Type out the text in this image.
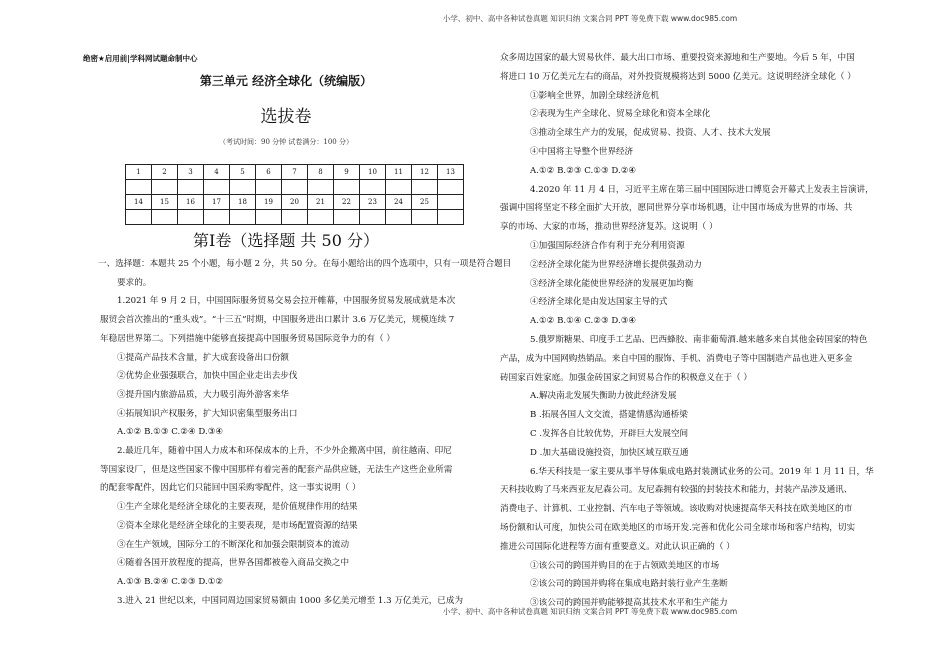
小学、初中、高中各种试卷真题 知识归纳 文案合同 PPT 等免费下载 www.doc985.com
绝密★启用前|学科网试题命制中心
第三单元 经济全球化（统编版）
选拔卷
（考试时间：90 分钟 试卷满分：100 分）
1	2	3	4	5	6	7	8	9	10	11	12	13

14	15	16	17	18	19	20	21	22	23	24	25	

第Ⅰ卷（选择题 共 50 分）

一、选择题：本题共 25 个小题，每小题 2 分，共 50 分。在每小题给出的四个选项中，只有一项是符合题目

要求的。

1.2021 年 9 月 2 日，中国国际服务贸易交易会拉开帷幕，中国服务贸易发展成就是本次

服贸会首次推出的“重头戏”。“十三五”时期，中国服务进出口累计 3.6 万亿美元，规模连续 7

年稳居世界第二。下列措施中能够直接提高中国服务贸易国际竞争力的有（ ）

①提高产品技术含量，扩大成套设备出口份额

②优势企业强强联合，加快中国企业走出去步伐

③提升国内旅游品质，大力吸引海外游客来华

④拓展知识产权服务，扩大知识密集型服务出口

A.①② B.①③ C.②④ D.③④

2.最近几年，随着中国人力成本和环保成本的上升，不少外企搬离中国，前往越南、印尼

等国家设厂，但是这些国家不像中国那样有着完善的配套产品供应链，无法生产这些企业所需

的配套零配件，因此它们只能回中国采购零配件，这一事实说明（ ）

①生产全球化是经济全球化的主要表现，是价值规律作用的结果

②资本全球化是经济全球化的主要表现，是市场配置资源的结果

③在生产领域，国际分工的不断深化和加强会限制资本的流动

④随着各国开放程度的提高，世界各国都被卷入商品交换之中

A.①③ B.②④ C.②③ D.①②

3.进入 21 世纪以来，中国同周边国家贸易额由 1000 多亿美元增至 1.3 万亿美元，已成为

众多周边国家的最大贸易伙伴、最大出口市场、重要投资来源地和生产要地。今后 5 年，中国

将进口 10 万亿美元左右的商品，对外投资规模将达到 5000 亿美元。这说明经济全球化（ ）

①影响全世界，加剧全球经济危机

②表现为生产全球化、贸易全球化和资本全球化

③推动全球生产力的发展，促成贸易、投资、人才、技术大发展

④中国将主导整个世界经济

A.①② B.②③ C.①③ D.②④

4.2020 年 11 月 4 日，习近平主席在第三届中国国际进口博览会开幕式上发表主旨演讲，

强调中国将坚定不移全面扩大开放，愿同世界分享市场机遇，让中国市场成为世界的市场、共

享的市场、大家的市场，推动世界经济复苏。这说明（ ）

①加强国际经济合作有利于充分利用资源

②经济全球化能为世界经济增长提供强劲动力

③经济全球化能使世界经济的发展更加均衡

④经济全球化是由发达国家主导的式

A.①② B.①④ C.②③ D.③④

5.俄罗斯糖果、印度手工艺品、巴西蜂胶、南非葡萄酒.越来越多来自其他金砖国家的特色

产品，成为中国网购热销品。来自中国的服饰、手机、消费电子等中国制造产品也进入更多金

砖国家百姓家庭。加强金砖国家之间贸易合作的积极意义在于（ ）

A.解决南北发展失衡助力彼此经济发展

B .拓展各国人文交流，搭建情感沟通桥梁

C .发挥各自比较优势，开辟巨大发展空间

D .加大基础设施投资，加快区域互联互通

6.华天科技是一家主要从事半导体集成电路封装测试业务的公司。2019 年 1 月 11 日，华

天科技收购了马来西亚友尼森公司。友尼森拥有较强的封装技术和能力，封装产品涉及通讯、

消费电子、计算机、工业控制、汽车电子等领域。该收购对快速提高华天科技在欧美地区的市

场份额和认可度，加快公司在欧美地区的市场开发.完善和优化公司全球市场和客户结构，切实

推进公司国际化进程等方面有重要意义。对此认识正确的（ ）

①该公司的跨国并购目的在于占领欧美地区的市场

②该公司的跨国并购将在集成电路封装行业产生垄断

③该公司的跨国并购能够提高其技术水平和生产能力

小学、初中、高中各种试卷真题 知识归纳 文案合同 PPT 等免费下载 www.doc985.com
